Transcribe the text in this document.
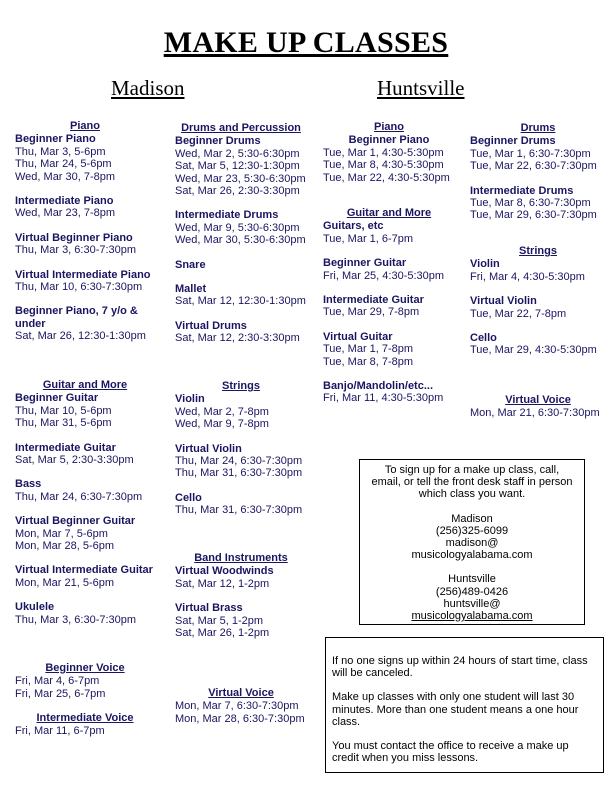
MAKE UP CLASSES
Madison	Huntsville
Piano
Beginner Piano
Thu, Mar 3, 5-6pm
Thu, Mar 24, 5-6pm
Wed, Mar 30, 7-8pm
Intermediate Piano
Wed, Mar 23, 7-8pm
Virtual Beginner Piano
Thu, Mar 3, 6:30-7:30pm
Virtual Intermediate Piano
Thu, Mar 10, 6:30-7:30pm
Beginner Piano, 7 y/o &
under
Sat, Mar 26, 12:30-1:30pm
Guitar and More
Beginner Guitar
Thu, Mar 10, 5-6pm
Thu, Mar 31, 5-6pm
Intermediate Guitar
Sat, Mar 5, 2:30-3:30pm
Bass
Thu, Mar 24, 6:30-7:30pm
Virtual Beginner Guitar
Mon, Mar 7, 5-6pm
Mon, Mar 28, 5-6pm
Virtual Intermediate Guitar
Mon, Mar 21, 5-6pm
Ukulele
Thu, Mar 3, 6:30-7:30pm
Beginner Voice
Fri, Mar 4, 6-7pm
Fri, Mar 25, 6-7pm
Intermediate Voice
Fri, Mar 11, 6-7pm
Drums and Percussion
Beginner Drums
Wed, Mar 2, 5:30-6:30pm
Sat, Mar 5, 12:30-1:30pm
Wed, Mar 23, 5:30-6:30pm
Sat, Mar 26, 2:30-3:30pm
Intermediate Drums
Wed, Mar 9, 5:30-6:30pm
Wed, Mar 30, 5:30-6:30pm
Snare
Mallet
Sat, Mar 12, 12:30-1:30pm
Virtual Drums
Sat, Mar 12, 2:30-3:30pm
Strings
Violin
Wed, Mar 2, 7-8pm
Wed, Mar 9, 7-8pm
Virtual Violin
Thu, Mar 24, 6:30-7:30pm
Thu, Mar 31, 6:30-7:30pm
Cello
Thu, Mar 31, 6:30-7:30pm
Band Instruments
Virtual Woodwinds
Sat, Mar 12, 1-2pm
Virtual Brass
Sat, Mar 5, 1-2pm
Sat, Mar 26, 1-2pm
Virtual Voice
Mon, Mar 7, 6:30-7:30pm
Mon, Mar 28, 6:30-7:30pm
Piano
Beginner Piano
Tue, Mar 1, 4:30-5:30pm
Tue, Mar 8, 4:30-5:30pm
Tue, Mar 22, 4:30-5:30pm
Guitar and More
Guitars, etc
Tue, Mar 1, 6-7pm
Beginner Guitar
Fri, Mar 25, 4:30-5:30pm
Intermediate Guitar
Tue, Mar 29, 7-8pm
Virtual Guitar
Tue, Mar 1, 7-8pm
Tue, Mar 8, 7-8pm
Banjo/Mandolin/etc...
Fri, Mar 11, 4:30-5:30pm
Drums
Beginner Drums
Tue, Mar 1, 6:30-7:30pm
Tue, Mar 22, 6:30-7:30pm
Intermediate Drums
Tue, Mar 8, 6:30-7:30pm
Tue, Mar 29, 6:30-7:30pm
Strings
Violin
Fri, Mar 4, 4:30-5:30pm
Virtual Violin
Tue, Mar 22, 7-8pm
Cello
Tue, Mar 29, 4:30-5:30pm
Virtual Voice
Mon, Mar 21, 6:30-7:30pm
To sign up for a make up class, call,
email, or tell the front desk staff in person
which class you want.
Madison
(256)325-6099
madison@
musicologyalabama.com
Huntsville
(256)489-0426
huntsville@
musicologyalabama.com
If no one signs up within 24 hours of start time, class
will be canceled.
Make up classes with only one student will last 30
minutes. More than one student means a one hour
class.
You must contact the office to receive a make up
credit when you miss lessons.
